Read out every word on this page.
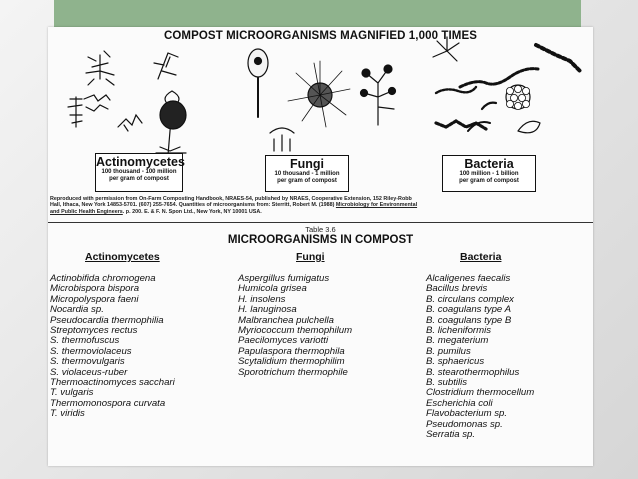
COMPOST MICROORGANISMS MAGNIFIED 1,000 TIMES
Actinomycetes
100 thousand - 100 million
per gram of compost
Fungi
10 thousand - 1 million
per gram of compost
Bacteria
100 million - 1 billion
per gram of compost
Reproduced with permission from On-Farm Composting Handbook, NRAES-54, published by NRAES, Cooperative Extension, 152 Riley-Robb
Hall, Ithaca, New York 14853-5701. (607) 255-7654. Quantities of microorganisms from: Sterritt, Robert M. (1988) Microbiology for Environmental
and Public Health Engineers. p. 200. E. & F. N. Spon Ltd., New York, NY 10001 USA.
Table 3.6
MICROORGANISMS IN COMPOST
Actinomycetes	Fungi	Bacteria
Actinobifida chromogena
Microbispora bispora
Micropolyspora faeni
Nocardia sp.
Pseudocardia thermophilia
Streptomyces rectus
S. thermofuscus
S. thermoviolaceus
S. thermovulgaris
S. violaceus-ruber
Thermoactinomyces sacchari
T. vulgaris
Thermomonospora curvata
T. viridis
Aspergillus fumigatus
Humicola grisea
H. insolens
H. lanuginosa
Malbranchea pulchella
Myriococcum themophilum
Paecilomyces variotti
Papulaspora thermophila
Scytalidium thermophilim
Sporotrichum thermophile
Alcaligenes faecalis
Bacillus brevis
B. circulans complex
B. coagulans type A
B. coagulans type B
B. licheniformis
B. megaterium
B. pumilus
B. sphaericus
B. stearothermophilus
B. subtilis
Clostridium thermocellum
Escherichia coli
Flavobacterium sp.
Pseudomonas sp.
Serratia sp.
